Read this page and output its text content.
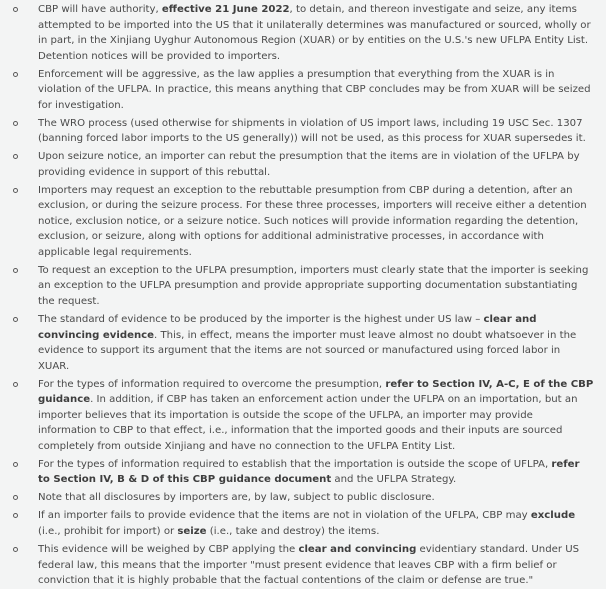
CBP will have authority, effective 21 June 2022, to detain, and thereon investigate and seize, any items attempted to be imported into the US that it unilaterally determines was manufactured or sourced, wholly or in part, in the Xinjiang Uyghur Autonomous Region (XUAR) or by entities on the U.S.'s new UFLPA Entity List. Detention notices will be provided to importers.
Enforcement will be aggressive, as the law applies a presumption that everything from the XUAR is in violation of the UFLPA. In practice, this means anything that CBP concludes may be from XUAR will be seized for investigation.
The WRO process (used otherwise for shipments in violation of US import laws, including 19 USC Sec. 1307 (banning forced labor imports to the US generally)) will not be used, as this process for XUAR supersedes it.
Upon seizure notice, an importer can rebut the presumption that the items are in violation of the UFLPA by providing evidence in support of this rebuttal.
Importers may request an exception to the rebuttable presumption from CBP during a detention, after an exclusion, or during the seizure process. For these three processes, importers will receive either a detention notice, exclusion notice, or a seizure notice. Such notices will provide information regarding the detention, exclusion, or seizure, along with options for additional administrative processes, in accordance with applicable legal requirements.
To request an exception to the UFLPA presumption, importers must clearly state that the importer is seeking an exception to the UFLPA presumption and provide appropriate supporting documentation substantiating the request.
The standard of evidence to be produced by the importer is the highest under US law – clear and convincing evidence. This, in effect, means the importer must leave almost no doubt whatsoever in the evidence to support its argument that the items are not sourced or manufactured using forced labor in XUAR.
For the types of information required to overcome the presumption, refer to Section IV, A-C, E of the CBP guidance. In addition, if CBP has taken an enforcement action under the UFLPA on an importation, but an importer believes that its importation is outside the scope of the UFLPA, an importer may provide information to CBP to that effect, i.e., information that the imported goods and their inputs are sourced completely from outside Xinjiang and have no connection to the UFLPA Entity List.
For the types of information required to establish that the importation is outside the scope of UFLPA, refer to Section IV, B & D of this CBP guidance document and the UFLPA Strategy.
Note that all disclosures by importers are, by law, subject to public disclosure.
If an importer fails to provide evidence that the items are not in violation of the UFLPA, CBP may exclude (i.e., prohibit for import) or seize (i.e., take and destroy) the items.
This evidence will be weighed by CBP applying the clear and convincing evidentiary standard. Under US federal law, this means that the importer "must present evidence that leaves CBP with a firm belief or conviction that it is highly probable that the factual contentions of the claim or defense are true."
